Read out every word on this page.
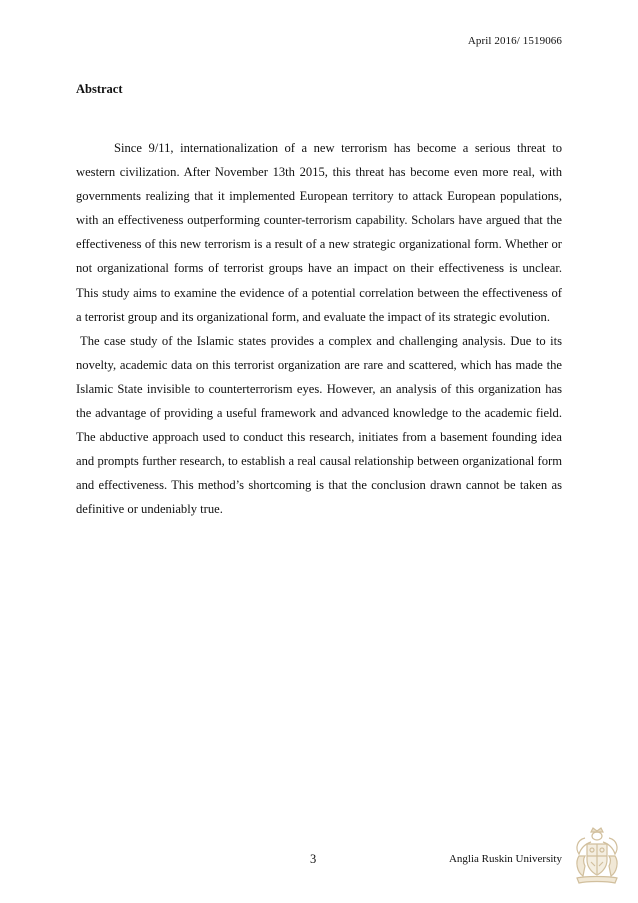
April 2016/ 1519066
Abstract

Since 9/11, internationalization of a new terrorism has become a serious threat to western civilization. After November 13th 2015, this threat has become even more real, with governments realizing that it implemented European territory to attack European populations, with an effectiveness outperforming counter-terrorism capability. Scholars have argued that the effectiveness of this new terrorism is a result of a new strategic organizational form. Whether or not organizational forms of terrorist groups have an impact on their effectiveness is unclear. This study aims to examine the evidence of a potential correlation between the effectiveness of a terrorist group and its organizational form, and evaluate the impact of its strategic evolution.

The case study of the Islamic states provides a complex and challenging analysis. Due to its novelty, academic data on this terrorist organization are rare and scattered, which has made the Islamic State invisible to counterterrorism eyes. However, an analysis of this organization has the advantage of providing a useful framework and advanced knowledge to the academic field. The abductive approach used to conduct this research, initiates from a basement founding idea and prompts further research, to establish a real causal relationship between organizational form and effectiveness. This method’s shortcoming is that the conclusion drawn cannot be taken as definitive or undeniably true.

3	Anglia Ruskin University
